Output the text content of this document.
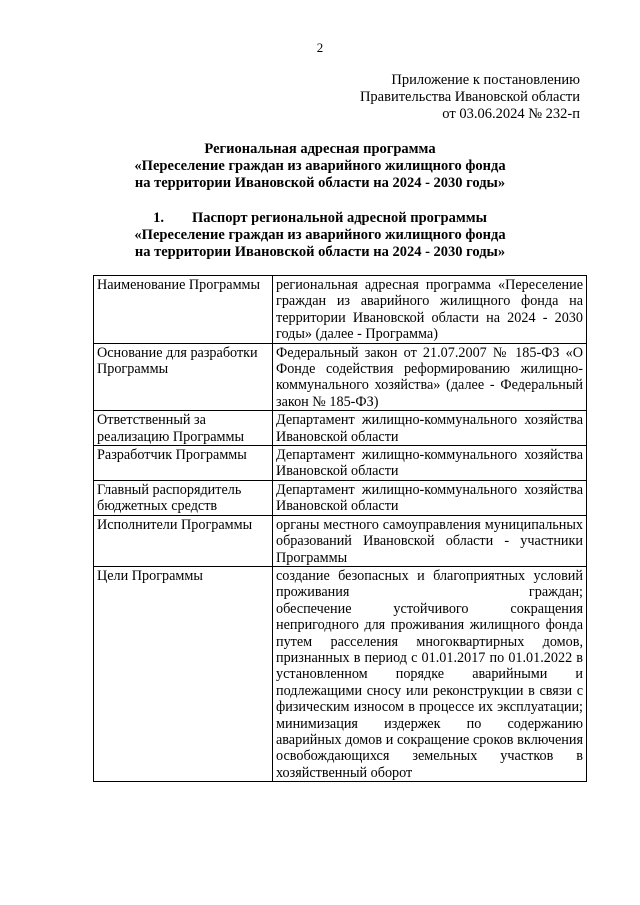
2
Приложение к постановлению
Правительства Ивановской области
от 03.06.2024 № 232-п
Региональная адресная программа
«Переселение граждан из аварийного жилищного фонда
на территории Ивановской области на 2024 - 2030 годы»
1. Паспорт региональной адресной программы
«Переселение граждан из аварийного жилищного фонда
на территории Ивановской области на 2024 - 2030 годы»
Наименование Программы	региональная адресная программа «Переселение граждан из аварийного жилищного фонда на территории Ивановской области на 2024 - 2030 годы» (далее - Программа)

Основание для разработки Программы	Федеральный закон от 21.07.2007 № 185-ФЗ «О Фонде содействия реформированию жилищно-коммунального хозяйства» (далее - Федеральный закон № 185-ФЗ)

Ответственный за реализацию Программы	Департамент жилищно-коммунального хозяйства Ивановской области

Разработчик Программы	Департамент жилищно-коммунального хозяйства Ивановской области

Главный распорядитель бюджетных средств	Департамент жилищно-коммунального хозяйства Ивановской области

Исполнители Программы	органы местного самоуправления муниципальных образований Ивановской области - участники Программы

Цели Программы	создание безопасных и благоприятных условий проживания граждан;

обеспечение устойчивого сокращения непригодного для проживания жилищного фонда путем расселения многоквартирных домов, признанных в период с 01.01.2017 по 01.01.2022 в установленном порядке аварийными и подлежащими сносу или реконструкции в связи с физическим износом в процессе их эксплуатации;

минимизация издержек по содержанию аварийных домов и сокращение сроков включения освобождающихся земельных участков в хозяйственный оборот
